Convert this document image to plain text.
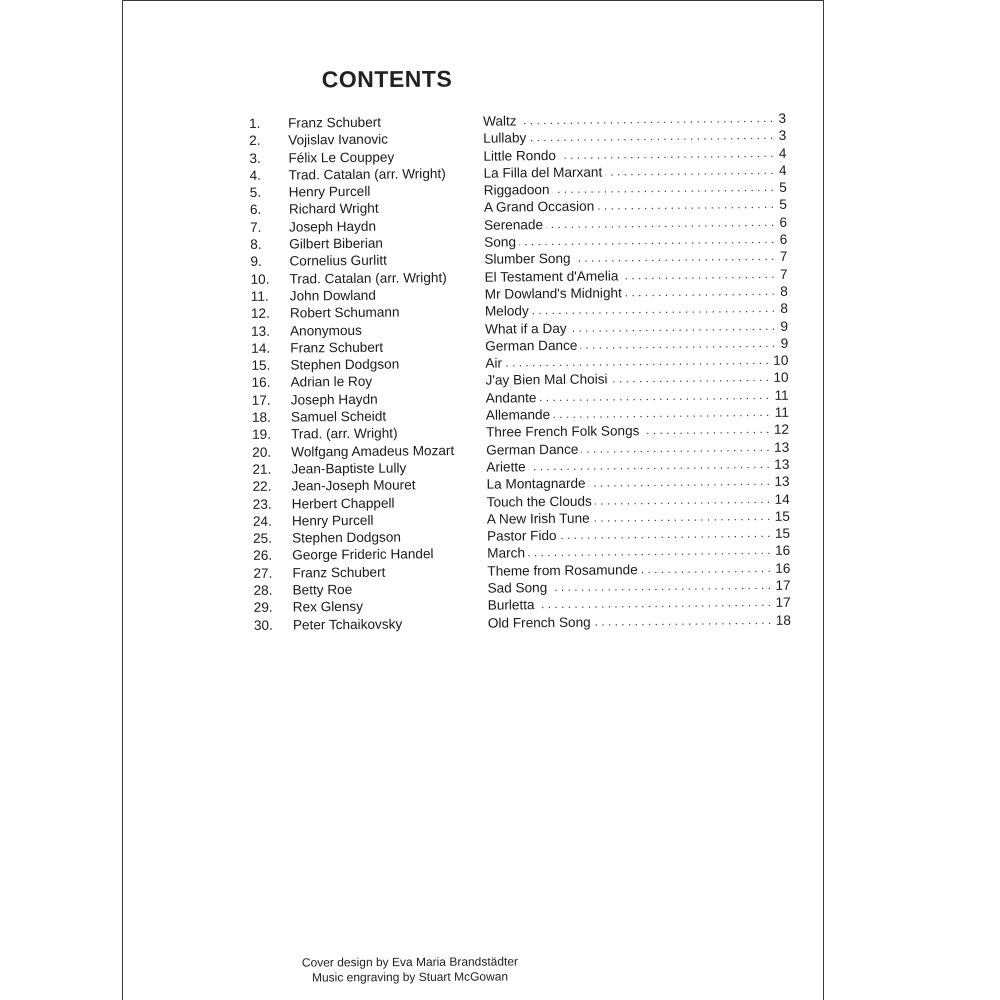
CONTENTS
1.	Franz Schubert . . .	Waltz	3
2.	Vojislav Ivanovic . . .	Lullaby	3
3.	Félix Le Couppey . . .	Little Rondo	4
4.	Trad. Catalan (arr. Wright) . . .	La Filla del Marxant	4
5.	Henry Purcell . . .	Riggadoon	5
6.	Richard Wright . . .	A Grand Occasion	5
7.	Joseph Haydn . . .	Serenade	6
8.	Gilbert Biberian . . .	Song	6
9.	Cornelius Gurlitt . . .	Slumber Song	7
10.	Trad. Catalan (arr. Wright) . . .	El Testament d'Amelia	7
11.	John Dowland . . .	Mr Dowland's Midnight	8
12.	Robert Schumann . . .	Melody	8
13.	Anonymous . . .	What if a Day	9
14.	Franz Schubert . . .	German Dance	9
15.	Stephen Dodgson . . .	Air	10
16.	Adrian le Roy . . .	J'ay Bien Mal Choisi	10
17.	Joseph Haydn . . .	Andante	11
18.	Samuel Scheidt . . .	Allemande	11
19.	Trad. (arr. Wright) . . .	Three French Folk Songs	12
20.	Wolfgang Amadeus Mozart . . . German Dance	13
21.	Jean-Baptiste Lully . . .	Ariette	13
22.	Jean-Joseph Mouret . . .	La Montagnarde	13
23.	Herbert Chappell . . .	Touch the Clouds	14
24.	Henry Purcell . . .	A New Irish Tune	15
25.	Stephen Dodgson . . .	Pastor Fido	15
26.	George Frideric Handel . . .	March	16
27.	Franz Schubert . . .	Theme from Rosamunde	16
28.	Betty Roe . . .	Sad Song	17
29.	Rex Glensy . . .	Burletta	17
30.	Peter Tchaikovsky . . .	Old French Song	18
Cover design by Eva Maria Brandstädter
Music engraving by Stuart McGowan
